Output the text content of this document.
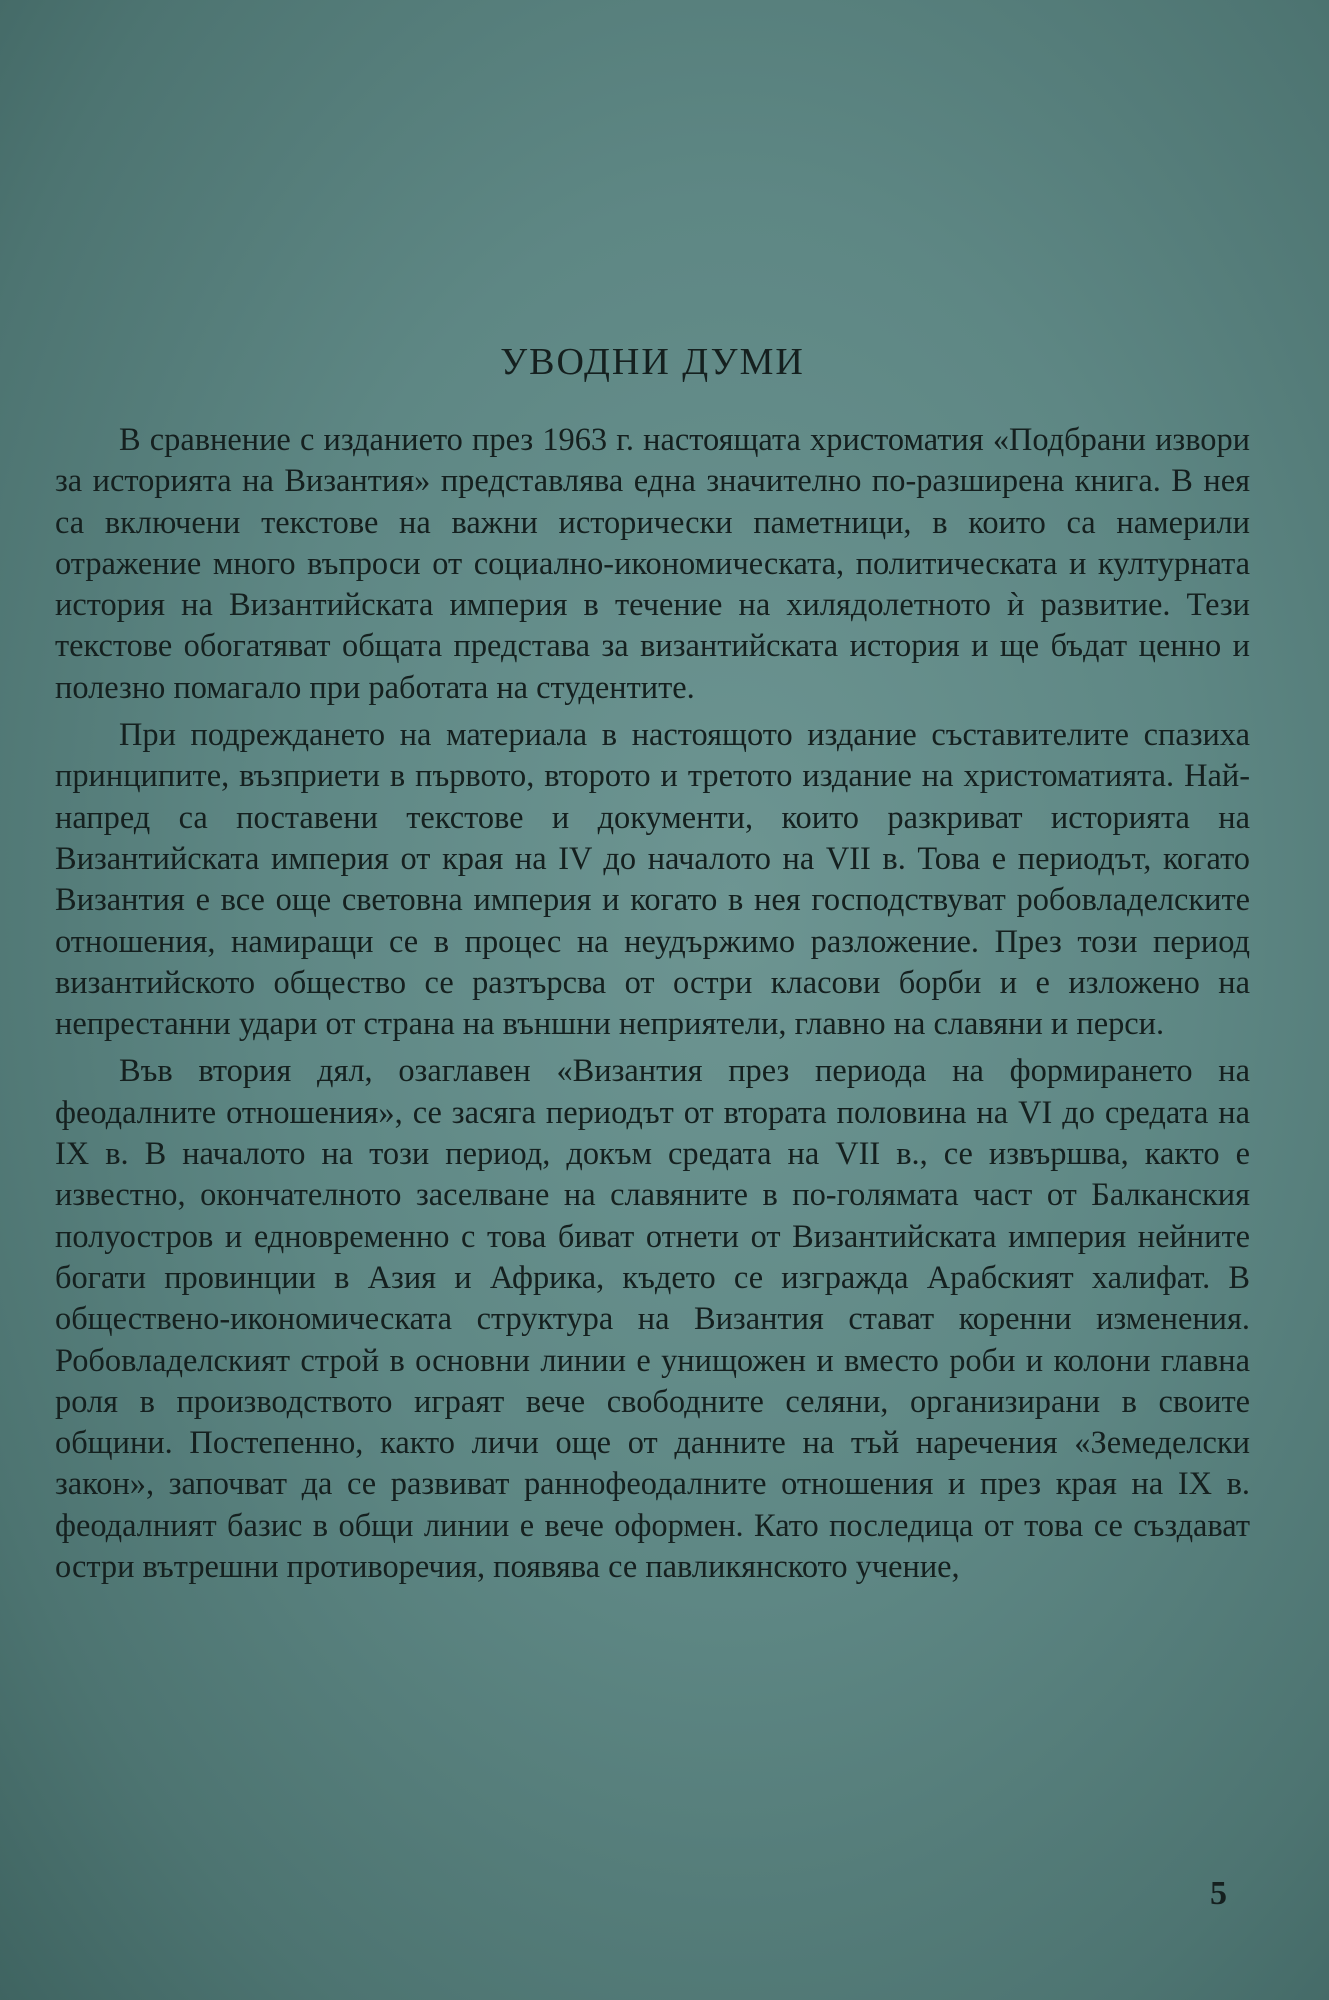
УВОДНИ ДУМИ

В сравнение с изданието през 1963 г. настоящата христоматия «Подбрани извори за историята на Византия» представлява една значително по-разширена книга. В нея са включени текстове на важни исторически паметници, в които са намерили отражение много въпроси от социално-икономическата, политическата и културната история на Византийската империя в течение на хилядолетното ѝ развитие. Тези текстове обогатяват общата представа за византийската история и ще бъдат ценно и полезно помагало при работата на студентите.

При подреждането на материала в настоящото издание съставителите спазиха принципите, възприети в първото, второто и третото издание на христоматията. Най-напред са поставени текстове и документи, които разкриват историята на Византийската империя от края на IV до началото на VII в. Това е периодът, когато Византия е все още световна империя и когато в нея господствуват робовладелските отношения, намиращи се в процес на неудържимо разложение. През този период византийското общество се разтърсва от остри класови борби и е изложено на непрестанни удари от страна на външни неприятели, главно на славяни и перси.

Във втория дял, озаглавен «Византия през периода на формирането на феодалните отношения», се засяга периодът от втората половина на VI до средата на IX в. В началото на този период, докъм средата на VII в., се извършва, както е известно, окончателното заселване на славяните в по-голямата част от Балканския полуостров и едновременно с това биват отнети от Византийската империя нейните богати провинции в Азия и Африка, където се изгражда Арабският халифат. В обществено-икономическата структура на Византия стават коренни изменения. Робовладелският строй в основни линии е унищожен и вместо роби и колони главна роля в производството играят вече свободните селяни, организирани в своите общини. Постепенно, както личи още от данните на тъй наречения «Земеделски закон», започват да се развиват раннофеодалните отношения и през края на IX в. феодалният базис в общи линии е вече оформен. Като последица от това се създават остри вътрешни противоречия, появява се павликянското учение,

5
